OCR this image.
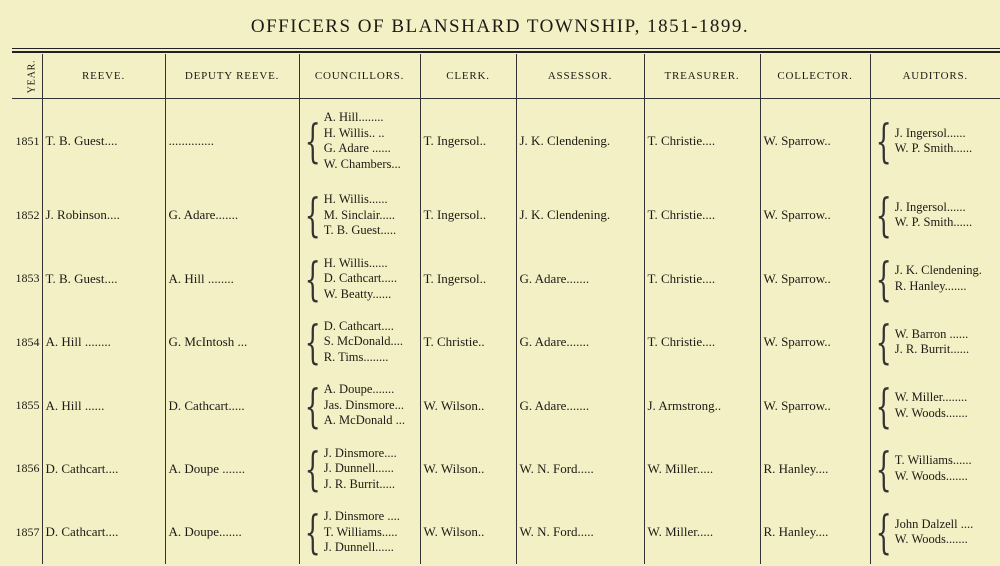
OFFICERS OF BLANSHARD TOWNSHIP, 1851-1899.
YEAR.	REEVE.	DEPUTY REEVE.	COUNCILLORS.	CLERK.	ASSESSOR.	TREASURER.	COLLECTOR.	AUDITORS.
1851	T. B. Guest....	..............	{ A. Hill........
H. Willis.. ..
G. Adare ......
W. Chambers...	T. Ingersol..	J. K. Clendening.	T. Christie....	W. Sparrow..	{ J. Ingersol......
W. P. Smith......

1852	J. Robinson....	G. Adare.......	{ H. Willis......
M. Sinclair.....
T. B. Guest.....	T. Ingersol..	J. K. Clendening.	T. Christie....	W. Sparrow..	{ J. Ingersol......
W. P. Smith......

1853	T. B. Guest....	A. Hill ........	{ H. Willis......
D. Cathcart.....
W. Beatty......	T. Ingersol..	G. Adare.......	T. Christie....	W. Sparrow..	{ J. K. Clendening.
R. Hanley.......

1854	A. Hill ........	G. McIntosh ...	{ D. Cathcart....
S. McDonald....
R. Tims........	T. Christie..	G. Adare.......	T. Christie....	W. Sparrow..	{ W. Barron ......
J. R. Burrit......

1855	A. Hill ......	D. Cathcart.....	{ A. Doupe.......
Jas. Dinsmore...
A. McDonald ...	W. Wilson..	G. Adare.......	J. Armstrong..	W. Sparrow..	{ W. Miller........
W. Woods.......

1856	D. Cathcart....	A. Doupe .......	{ J. Dinsmore....
J. Dunnell......
J. R. Burrit.....	W. Wilson..	W. N. Ford.....	W. Miller.....	R. Hanley....	{ T. Williams......
W. Woods.......

1857	D. Cathcart....	A. Doupe.......	{ J. Dinsmore ....
T. Williams.....
J. Dunnell......	W. Wilson..	W. N. Ford.....	W. Miller.....	R. Hanley....	{ John Dalzell ....
W. Woods.......
